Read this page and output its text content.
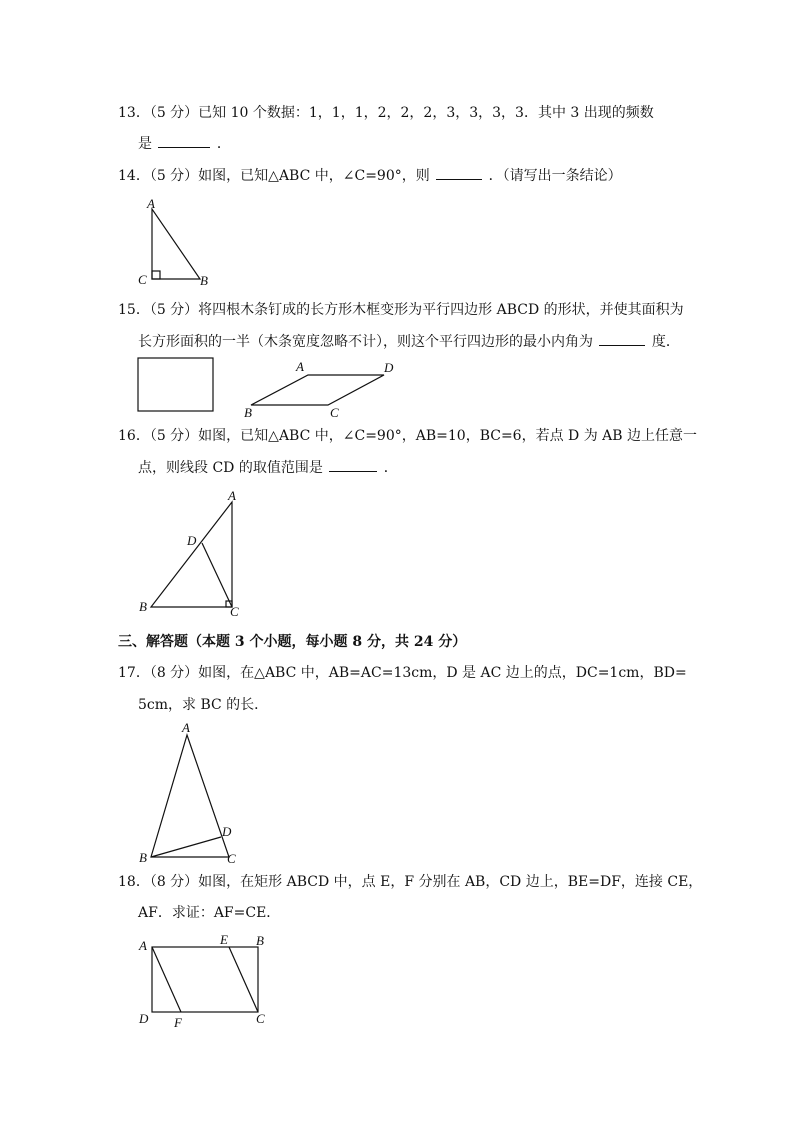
13．（5 分）已知 10 个数据：1，1，1，2，2，2，3，3，3，3．其中 3 出现的频数
是	．
14．（5 分）如图，已知△ABC 中，∠C=90°，则	．（请写出一条结论）
A
B
C
15．（5 分）将四根木条钉成的长方形木框变形为平行四边形 ABCD 的形状，并使其面积为
长方形面积的一半（木条宽度忽略不计），则这个平行四边形的最小内角为	度．
A	D
B	C
16．（5 分）如图，已知△ABC 中，∠C=90°，AB=10，BC=6，若点 D 为 AB 边上任意一
点，则线段 CD 的取值范围是	．
A
D
B	C
三、解答题（本题 3 个小题，每小题 8 分，共 24 分）
17．（8 分）如图，在△ABC 中，AB=AC=13cm，D 是 AC 边上的点，DC=1cm，BD=
5cm，求 BC 的长．
A
D
B	C
18．（8 分）如图，在矩形 ABCD 中，点 E，F 分别在 AB，CD 边上，BE=DF，连接 CE，
AF．求证：AF=CE．
A	E B
D F	C
